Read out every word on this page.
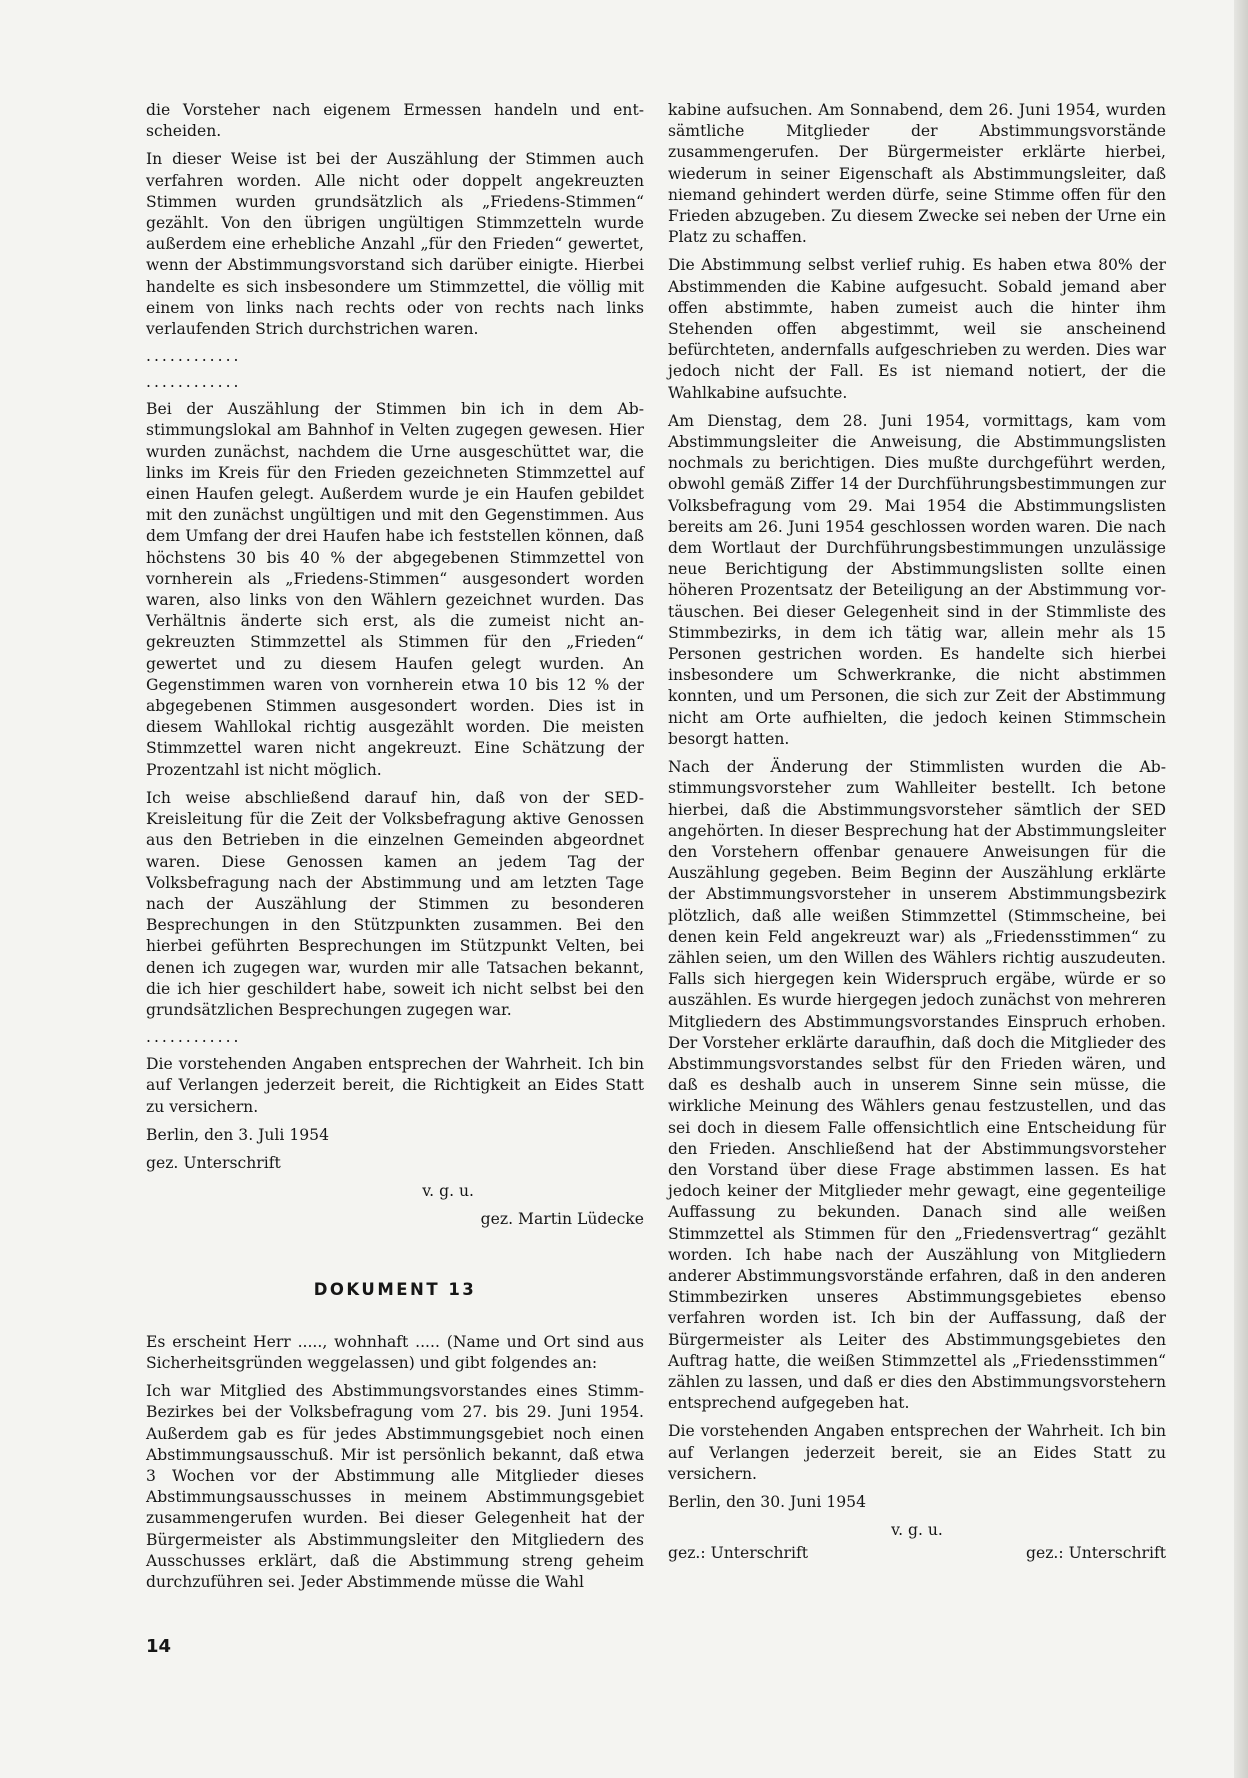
die Vorsteher nach eigenem Ermessen handeln und entscheiden.

In dieser Weise ist bei der Auszählung der Stimmen auch verfahren worden. Alle nicht oder doppelt angekreuzten Stimmen wurden grundsätzlich als „Friedens-Stimmen“ gezählt. Von den übrigen ungültigen Stimmzetteln wurde außerdem eine erhebliche Anzahl „für den Frieden“ gewertet, wenn der Abstimmungsvorstand sich darüber einigte. Hierbei handelte es sich insbesondere um Stimmzettel, die völlig mit einem von links nach rechts oder von rechts nach links verlaufenden Strich durchstrichen waren.

............
............

Bei der Auszählung der Stimmen bin ich in dem Abstimmungslokal am Bahnhof in Velten zugegen gewesen. Hier wurden zunächst, nachdem die Urne ausgeschüttet war, die links im Kreis für den Frieden gezeichneten Stimmzettel auf einen Haufen gelegt. Außerdem wurde je ein Haufen gebildet mit den zunächst ungültigen und mit den Gegenstimmen. Aus dem Umfang der drei Haufen habe ich feststellen können, daß höchstens 30 bis 40 % der abgegebenen Stimmzettel von vornherein als „Friedens-Stimmen“ ausgesondert worden waren, also links von den Wählern gezeichnet wurden. Das Verhältnis änderte sich erst, als die zumeist nicht angekreuzten Stimmzettel als Stimmen für den „Frieden“ gewertet und zu diesem Haufen gelegt wurden. An Gegenstimmen waren von vornherein etwa 10 bis 12 % der abgegebenen Stimmen ausgesondert worden. Dies ist in diesem Wahllokal richtig ausgezählt worden. Die meisten Stimmzettel waren nicht angekreuzt. Eine Schätzung der Prozentzahl ist nicht möglich.

Ich weise abschließend darauf hin, daß von der SED-Kreisleitung für die Zeit der Volksbefragung aktive Genossen aus den Betrieben in die einzelnen Gemeinden abgeordnet waren. Diese Genossen kamen an jedem Tag der Volksbefragung nach der Abstimmung und am letzten Tage nach der Auszählung der Stimmen zu besonderen Besprechungen in den Stützpunkten zusammen. Bei den hierbei geführten Besprechungen im Stützpunkt Velten, bei denen ich zugegen war, wurden mir alle Tatsachen bekannt, die ich hier geschildert habe, soweit ich nicht selbst bei den grundsätzlichen Besprechungen zugegen war.

............

Die vorstehenden Angaben entsprechen der Wahrheit. Ich bin auf Verlangen jederzeit bereit, die Richtigkeit an Eides Statt zu versichern.

Berlin, den 3. Juli 1954

gez. Unterschrift

v. g. u.

gez. Martin Lüdecke

DOKUMENT 13

Es erscheint Herr ....., wohnhaft ..... (Name und Ort sind aus Sicherheitsgründen weggelassen) und gibt folgendes an:

Ich war Mitglied des Abstimmungsvorstandes eines Stimm-Bezirkes bei der Volksbefragung vom 27. bis 29. Juni 1954. Außerdem gab es für jedes Abstimmungsgebiet noch einen Abstimmungsausschuß. Mir ist persönlich bekannt, daß etwa 3 Wochen vor der Abstimmung alle Mitglieder dieses Abstimmungsausschusses in meinem Abstimmungsgebiet zusammengerufen wurden. Bei dieser Gelegenheit hat der Bürgermeister als Abstimmungsleiter den Mitgliedern des Ausschusses erklärt, daß die Abstimmung streng geheim durchzuführen sei. Jeder Abstimmende müsse die Wahl

kabine aufsuchen. Am Sonnabend, dem 26. Juni 1954, wurden sämtliche Mitglieder der Abstimmungsvorstände zusammengerufen. Der Bürgermeister erklärte hierbei, wiederum in seiner Eigenschaft als Abstimmungsleiter, daß niemand gehindert werden dürfe, seine Stimme offen für den Frieden abzugeben. Zu diesem Zwecke sei neben der Urne ein Platz zu schaffen.

Die Abstimmung selbst verlief ruhig. Es haben etwa 80% der Abstimmenden die Kabine aufgesucht. Sobald jemand aber offen abstimmte, haben zumeist auch die hinter ihm Stehenden offen abgestimmt, weil sie anscheinend befürchteten, andernfalls aufgeschrieben zu werden. Dies war jedoch nicht der Fall. Es ist niemand notiert, der die Wahlkabine aufsuchte.

Am Dienstag, dem 28. Juni 1954, vormittags, kam vom Abstimmungsleiter die Anweisung, die Abstimmungslisten nochmals zu berichtigen. Dies mußte durchgeführt werden, obwohl gemäß Ziffer 14 der Durchführungsbestimmungen zur Volksbefragung vom 29. Mai 1954 die Abstimmungslisten bereits am 26. Juni 1954 geschlossen worden waren. Die nach dem Wortlaut der Durchführungsbestimmungen unzulässige neue Berichtigung der Abstimmungslisten sollte einen höheren Prozentsatz der Beteiligung an der Abstimmung vortäuschen. Bei dieser Gelegenheit sind in der Stimmliste des Stimmbezirks, in dem ich tätig war, allein mehr als 15 Personen gestrichen worden. Es handelte sich hierbei insbesondere um Schwerkranke, die nicht abstimmen konnten, und um Personen, die sich zur Zeit der Abstimmung nicht am Orte aufhielten, die jedoch keinen Stimmschein besorgt hatten.

Nach der Änderung der Stimmlisten wurden die Abstimmungsvorsteher zum Wahlleiter bestellt. Ich betone hierbei, daß die Abstimmungsvorsteher sämtlich der SED angehörten. In dieser Besprechung hat der Abstimmungsleiter den Vorstehern offenbar genauere Anweisungen für die Auszählung gegeben. Beim Beginn der Auszählung erklärte der Abstimmungsvorsteher in unserem Abstimmungsbezirk plötzlich, daß alle weißen Stimmzettel (Stimmscheine, bei denen kein Feld angekreuzt war) als „Friedensstimmen“ zu zählen seien, um den Willen des Wählers richtig auszudeuten. Falls sich hiergegen kein Widerspruch ergäbe, würde er so auszählen. Es wurde hiergegen jedoch zunächst von mehreren Mitgliedern des Abstimmungsvorstandes Einspruch erhoben. Der Vorsteher erklärte daraufhin, daß doch die Mitglieder des Abstimmungsvorstandes selbst für den Frieden wären, und daß es deshalb auch in unserem Sinne sein müsse, die wirkliche Meinung des Wählers genau festzustellen, und das sei doch in diesem Falle offensichtlich eine Entscheidung für den Frieden. Anschließend hat der Abstimmungsvorsteher den Vorstand über diese Frage abstimmen lassen. Es hat jedoch keiner der Mitglieder mehr gewagt, eine gegenteilige Auffassung zu bekunden. Danach sind alle weißen Stimmzettel als Stimmen für den „Friedensvertrag“ gezählt worden. Ich habe nach der Auszählung von Mitgliedern anderer Abstimmungsvorstände erfahren, daß in den anderen Stimmbezirken unseres Abstimmungsgebietes ebenso verfahren worden ist. Ich bin der Auffassung, daß der Bürgermeister als Leiter des Abstimmungsgebietes den Auftrag hatte, die weißen Stimmzettel als „Friedensstimmen“ zählen zu lassen, und daß er dies den Abstimmungsvorstehern entsprechend aufgegeben hat.

Die vorstehenden Angaben entsprechen der Wahrheit. Ich bin auf Verlangen jederzeit bereit, sie an Eides Statt zu versichern.

Berlin, den 30. Juni 1954

v. g. u.
gez.: Unterschrift	gez.: Unterschrift
14
